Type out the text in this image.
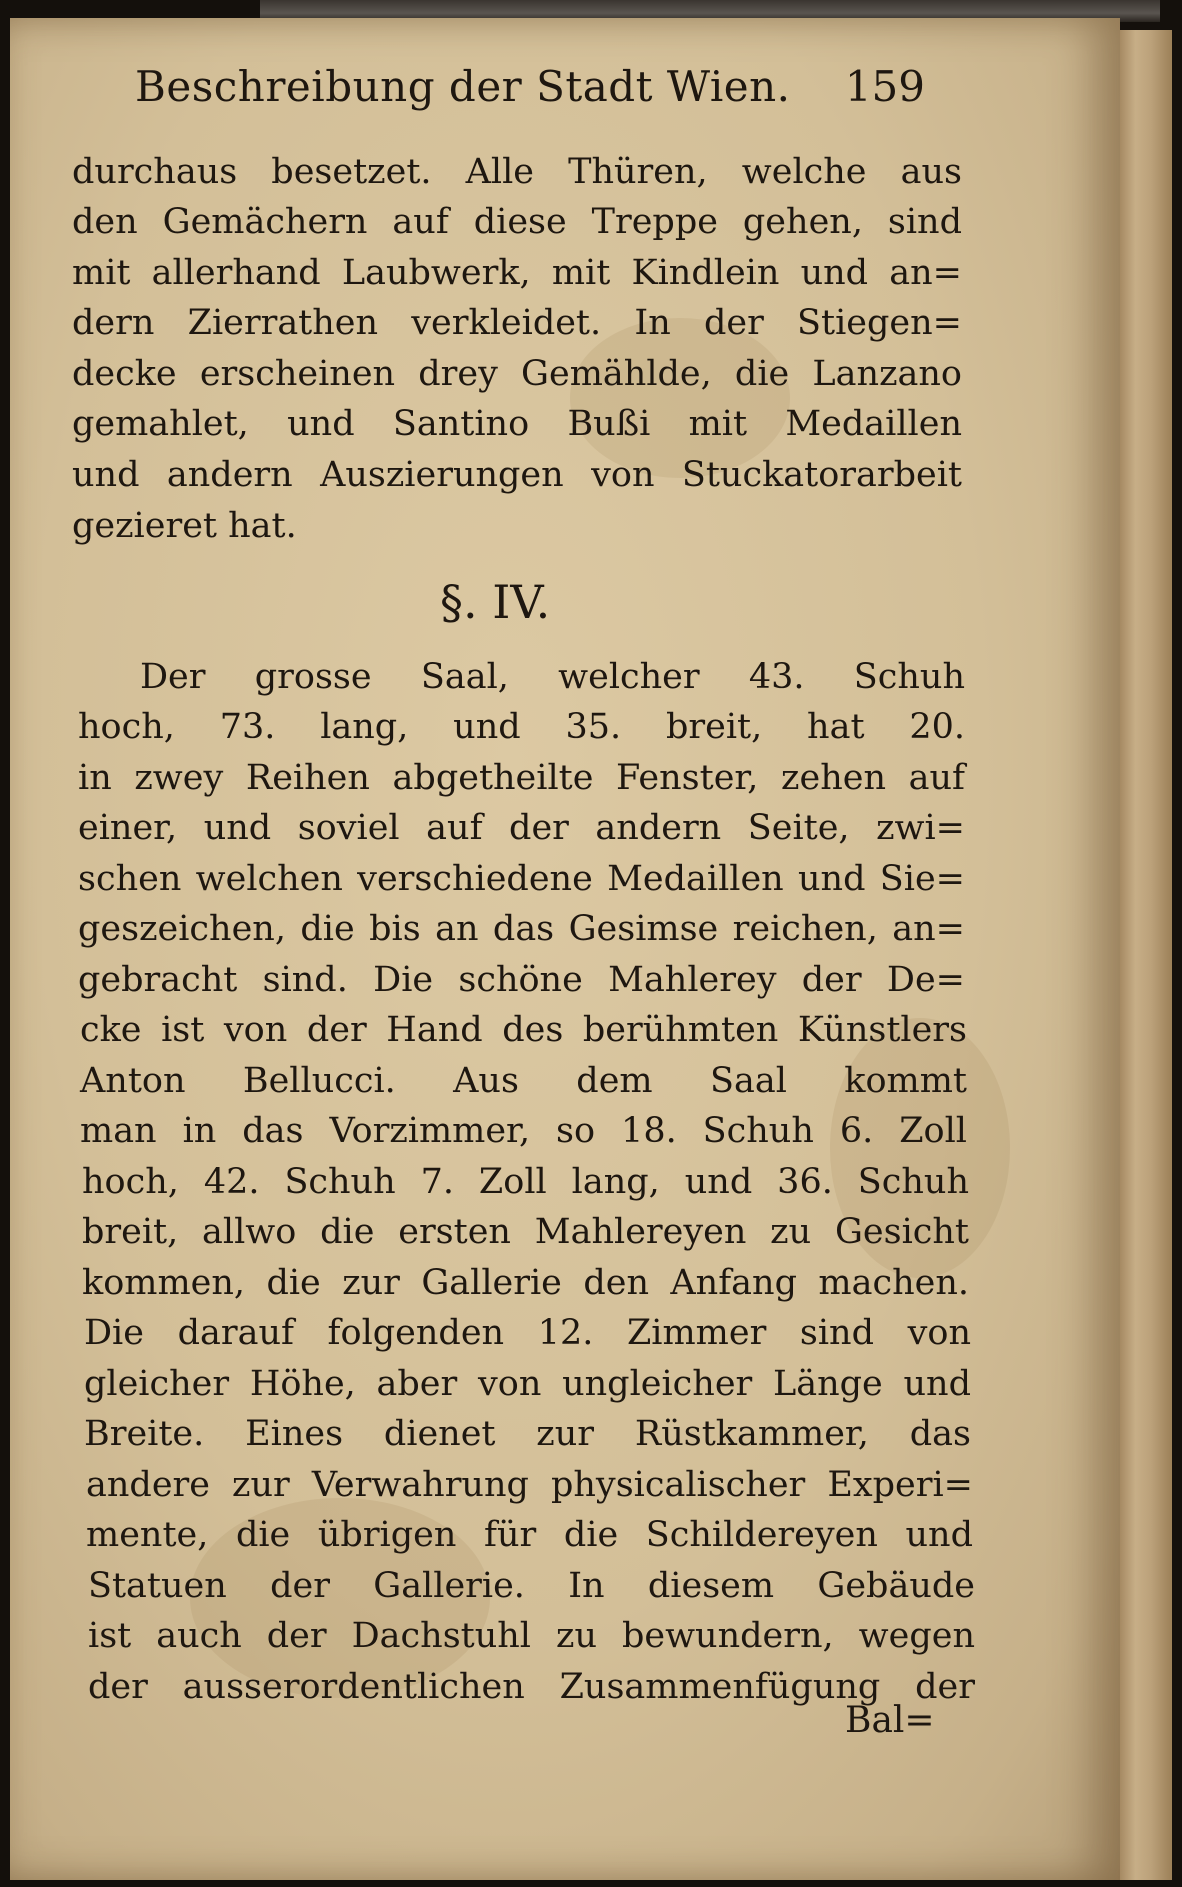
Beschreibung der Stadt Wien. 159
durchaus besetzet. Alle Thüren, welche aus
den Gemächern auf diese Treppe gehen, sind
mit allerhand Laubwerk, mit Kindlein und an=
dern Zierrathen verkleidet. In der Stiegen=
decke erscheinen drey Gemähldе, die Lanzano
gemahlet, und Santino Bußi mit Medaillen
und andern Auszierungen von Stuckatorarbeit
gezieret hat.
§. IV.
Der grosse Saal, welcher 43. Schuh
hoch, 73. lang, und 35. breit, hat 20.
in zwey Reihen abgetheilte Fenster, zehen auf
einer, und soviel auf der andern Seite, zwi=
schen welchen verschiedene Medaillen und Sie=
geszeichen, die bis an das Gesimse reichen, an=
gebracht sind. Die schöne Mahlerey der De=
cke ist von der Hand des berühmten Künstlers
Anton Bellucci. Aus dem Saal kommt
man in das Vorzimmer, so 18. Schuh 6. Zoll
hoch, 42. Schuh 7. Zoll lang, und 36. Schuh
breit, allwo die ersten Mahlereyen zu Gesicht
kommen, die zur Gallerie den Anfang machen.
Die darauf folgenden 12. Zimmer sind von
gleicher Höhe, aber von ungleicher Länge und
Breite. Eines dienet zur Rüstkammer, das
andere zur Verwahrung physicalischer Experi=
mente, die übrigen für die Schildereyen und
Statuen der Gallerie. In diesem Gebäude
ist auch der Dachstuhl zu bewundern, wegen
der ausserordentlichen Zusammenfügung der
Bal=
